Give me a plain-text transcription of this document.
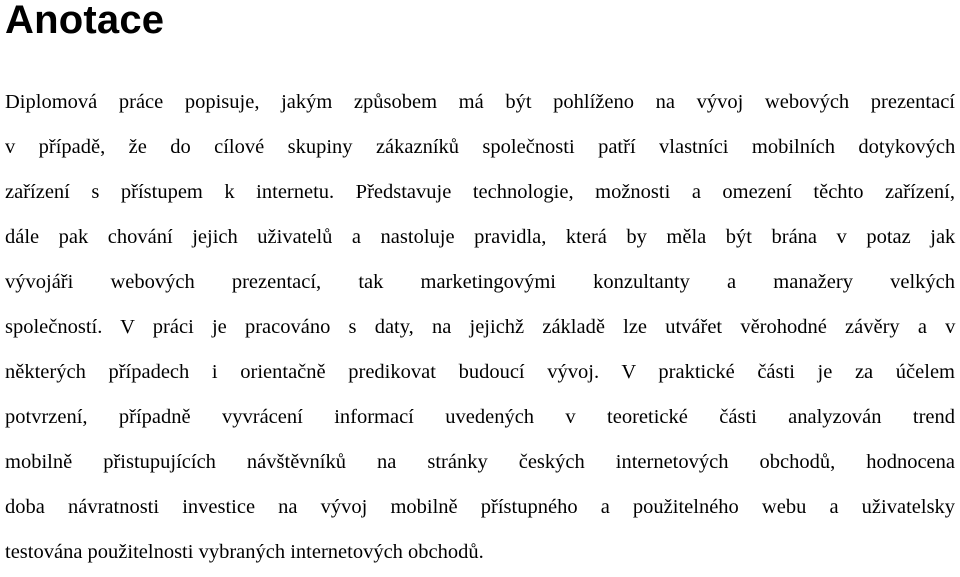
Anotace
Diplomová práce popisuje, jakým způsobem má být pohlíženo na vývoj webových prezentací
v případě, že do cílové skupiny zákazníků společnosti patří vlastníci mobilních dotykových
zařízení s přístupem k internetu. Představuje technologie, možnosti a omezení těchto zařízení,
dále pak chování jejich uživatelů a nastoluje pravidla, která by měla být brána v potaz jak
vývojáři webových prezentací, tak marketingovými konzultanty a manažery velkých
společností. V práci je pracováno s daty, na jejichž základě lze utvářet věrohodné závěry a v
některých případech i orientačně predikovat budoucí vývoj. V praktické části je za účelem
potvrzení, případně vyvrácení informací uvedených v teoretické části analyzován trend
mobilně přistupujících návštěvníků na stránky českých internetových obchodů, hodnocena
doba návratnosti investice na vývoj mobilně přístupného a použitelného webu a uživatelsky
testována použitelnosti vybraných internetových obchodů.
